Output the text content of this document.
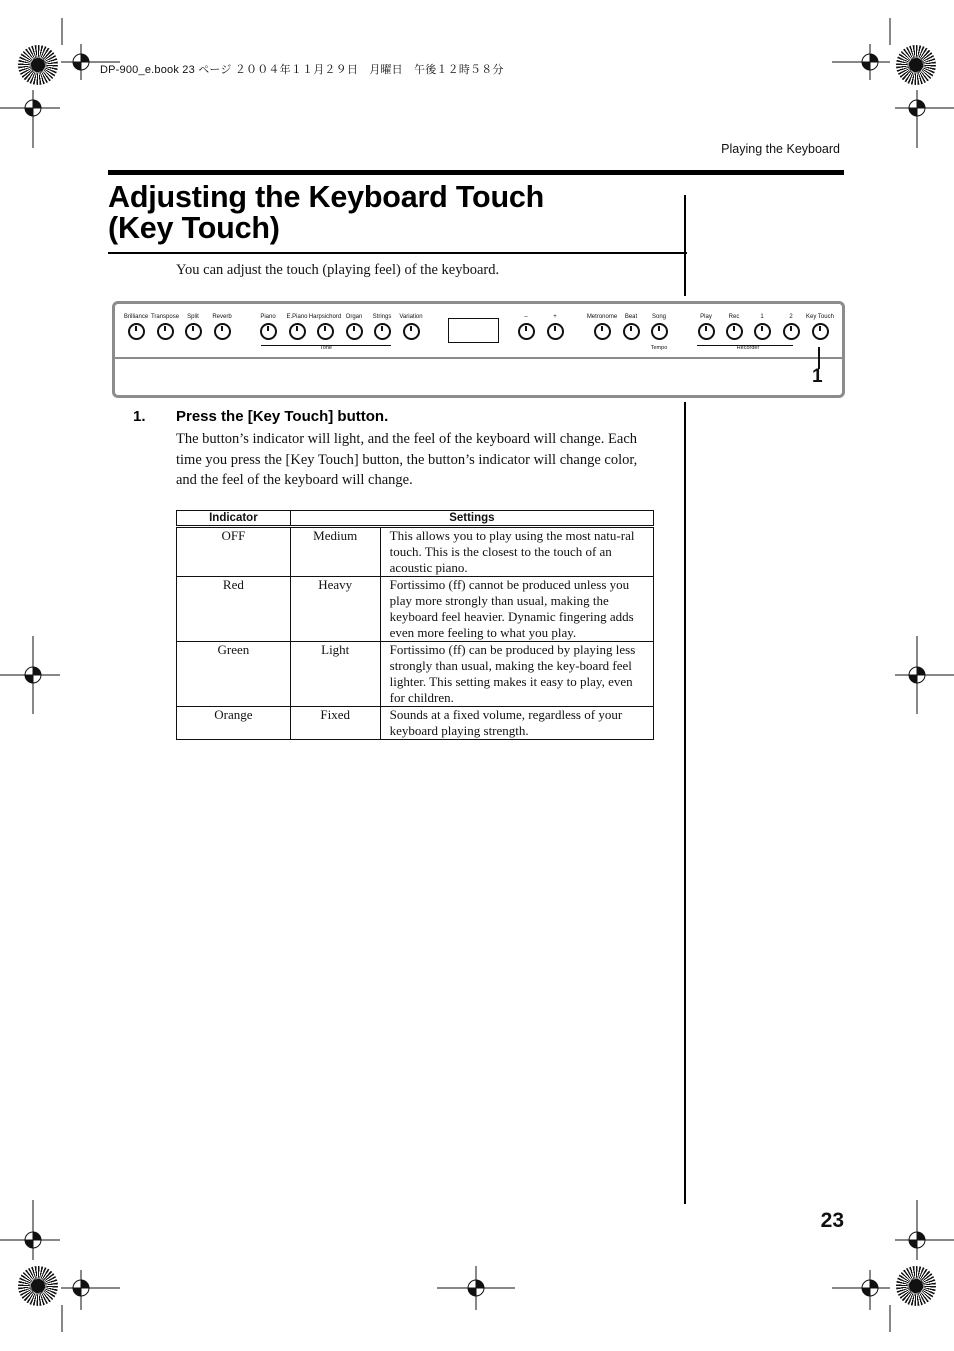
DP-900_e.book 23 ページ ２００４年１１月２９日　月曜日　午後１２時５８分
Playing the Keyboard
Adjusting the Keyboard Touch
(Key Touch)
You can adjust the touch (playing feel) of the keyboard.
Brilliance Transpose	Split	Reverb	Piano	E.Piano Harpsichord Organ	Strings	Variation	–	+	Metronome	Beat	Song	Play	Rec	1	2	Key Touch
Tone	Tempo	Recorder
1
1. Press the [Key Touch] button.

The button’s indicator will light, and the feel of the keyboard will change. Each time you press the [Key Touch] button, the button’s indicator will change color, and the feel of the keyboard will change.

Indicator	Settings	
OFF	Medium	This allows you to play using the most natu-ral touch. This is the closest to the touch of an acoustic piano.
Red	Heavy	Fortissimo (ff) cannot be produced unless you play more strongly than usual, making the keyboard feel heavier. Dynamic fingering adds even more feeling to what you play.
Green	Light	Fortissimo (ff) can be produced by playing less strongly than usual, making the key-board feel lighter. This setting makes it easy to play, even for children.
Orange	Fixed	Sounds at a fixed volume, regardless of your keyboard playing strength.
23
